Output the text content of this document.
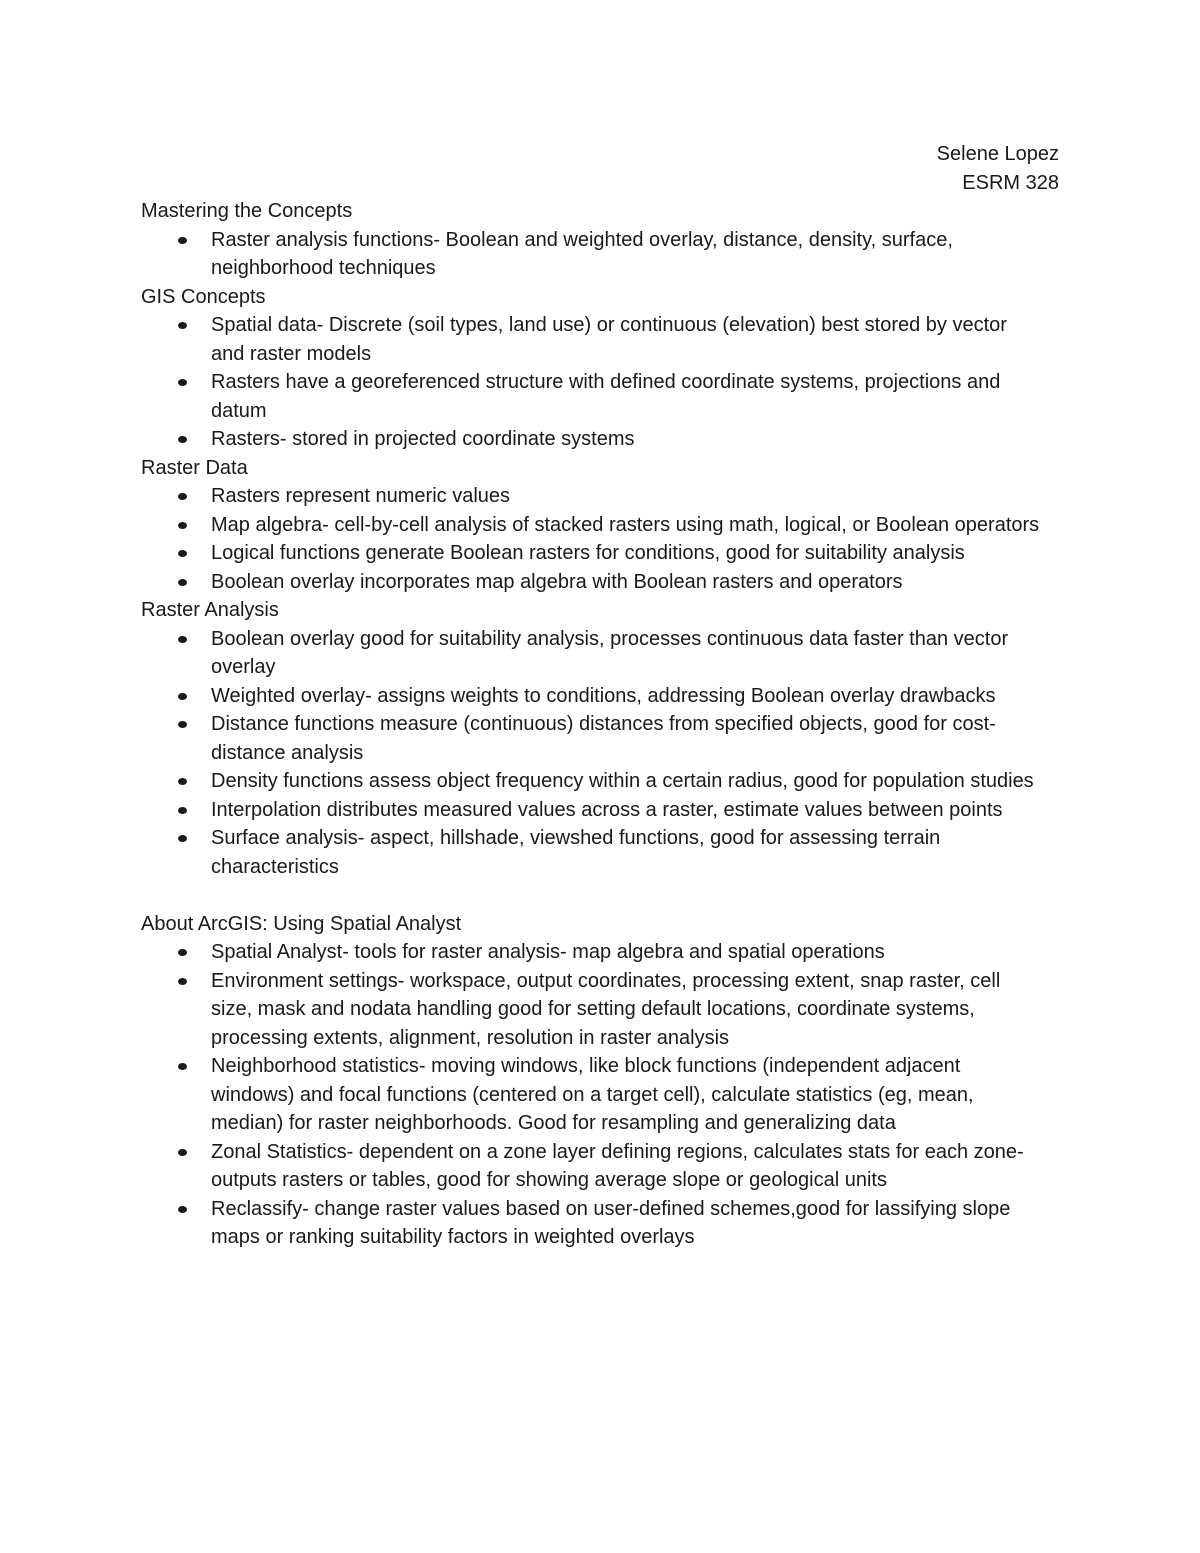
Selene Lopez
ESRM 328
Mastering the Concepts
Raster analysis functions- Boolean and weighted overlay, distance, density, surface, neighborhood techniques
GIS Concepts
Spatial data- Discrete (soil types, land use) or continuous (elevation) best stored by vector and raster models
Rasters have a georeferenced structure with defined coordinate systems, projections and datum
Rasters- stored in projected coordinate systems
Raster Data
Rasters represent numeric values
Map algebra- cell-by-cell analysis of stacked rasters using math, logical, or Boolean operators
Logical functions generate Boolean rasters for conditions, good for suitability analysis
Boolean overlay incorporates map algebra with Boolean rasters and operators
Raster Analysis
Boolean overlay good for suitability analysis, processes continuous data faster than vector overlay
Weighted overlay- assigns weights to conditions, addressing Boolean overlay drawbacks
Distance functions measure (continuous) distances from specified objects, good for cost-distance analysis
Density functions assess object frequency within a certain radius, good for population studies
Interpolation distributes measured values across a raster, estimate values between points
Surface analysis- aspect, hillshade, viewshed functions, good for assessing terrain characteristics
About ArcGIS: Using Spatial Analyst
Spatial Analyst- tools for raster analysis- map algebra and spatial operations
Environment settings- workspace, output coordinates, processing extent, snap raster, cell size, mask and nodata handling good for setting default locations, coordinate systems, processing extents, alignment, resolution in raster analysis
Neighborhood statistics- moving windows, like block functions (independent adjacent windows) and focal functions (centered on a target cell), calculate statistics (eg, mean, median) for raster neighborhoods. Good for resampling and generalizing data
Zonal Statistics- dependent on a zone layer defining regions, calculates stats for each zone- outputs rasters or tables, good for showing average slope or geological units
Reclassify- change raster values based on user-defined schemes,good for lassifying slope maps or ranking suitability factors in weighted overlays
